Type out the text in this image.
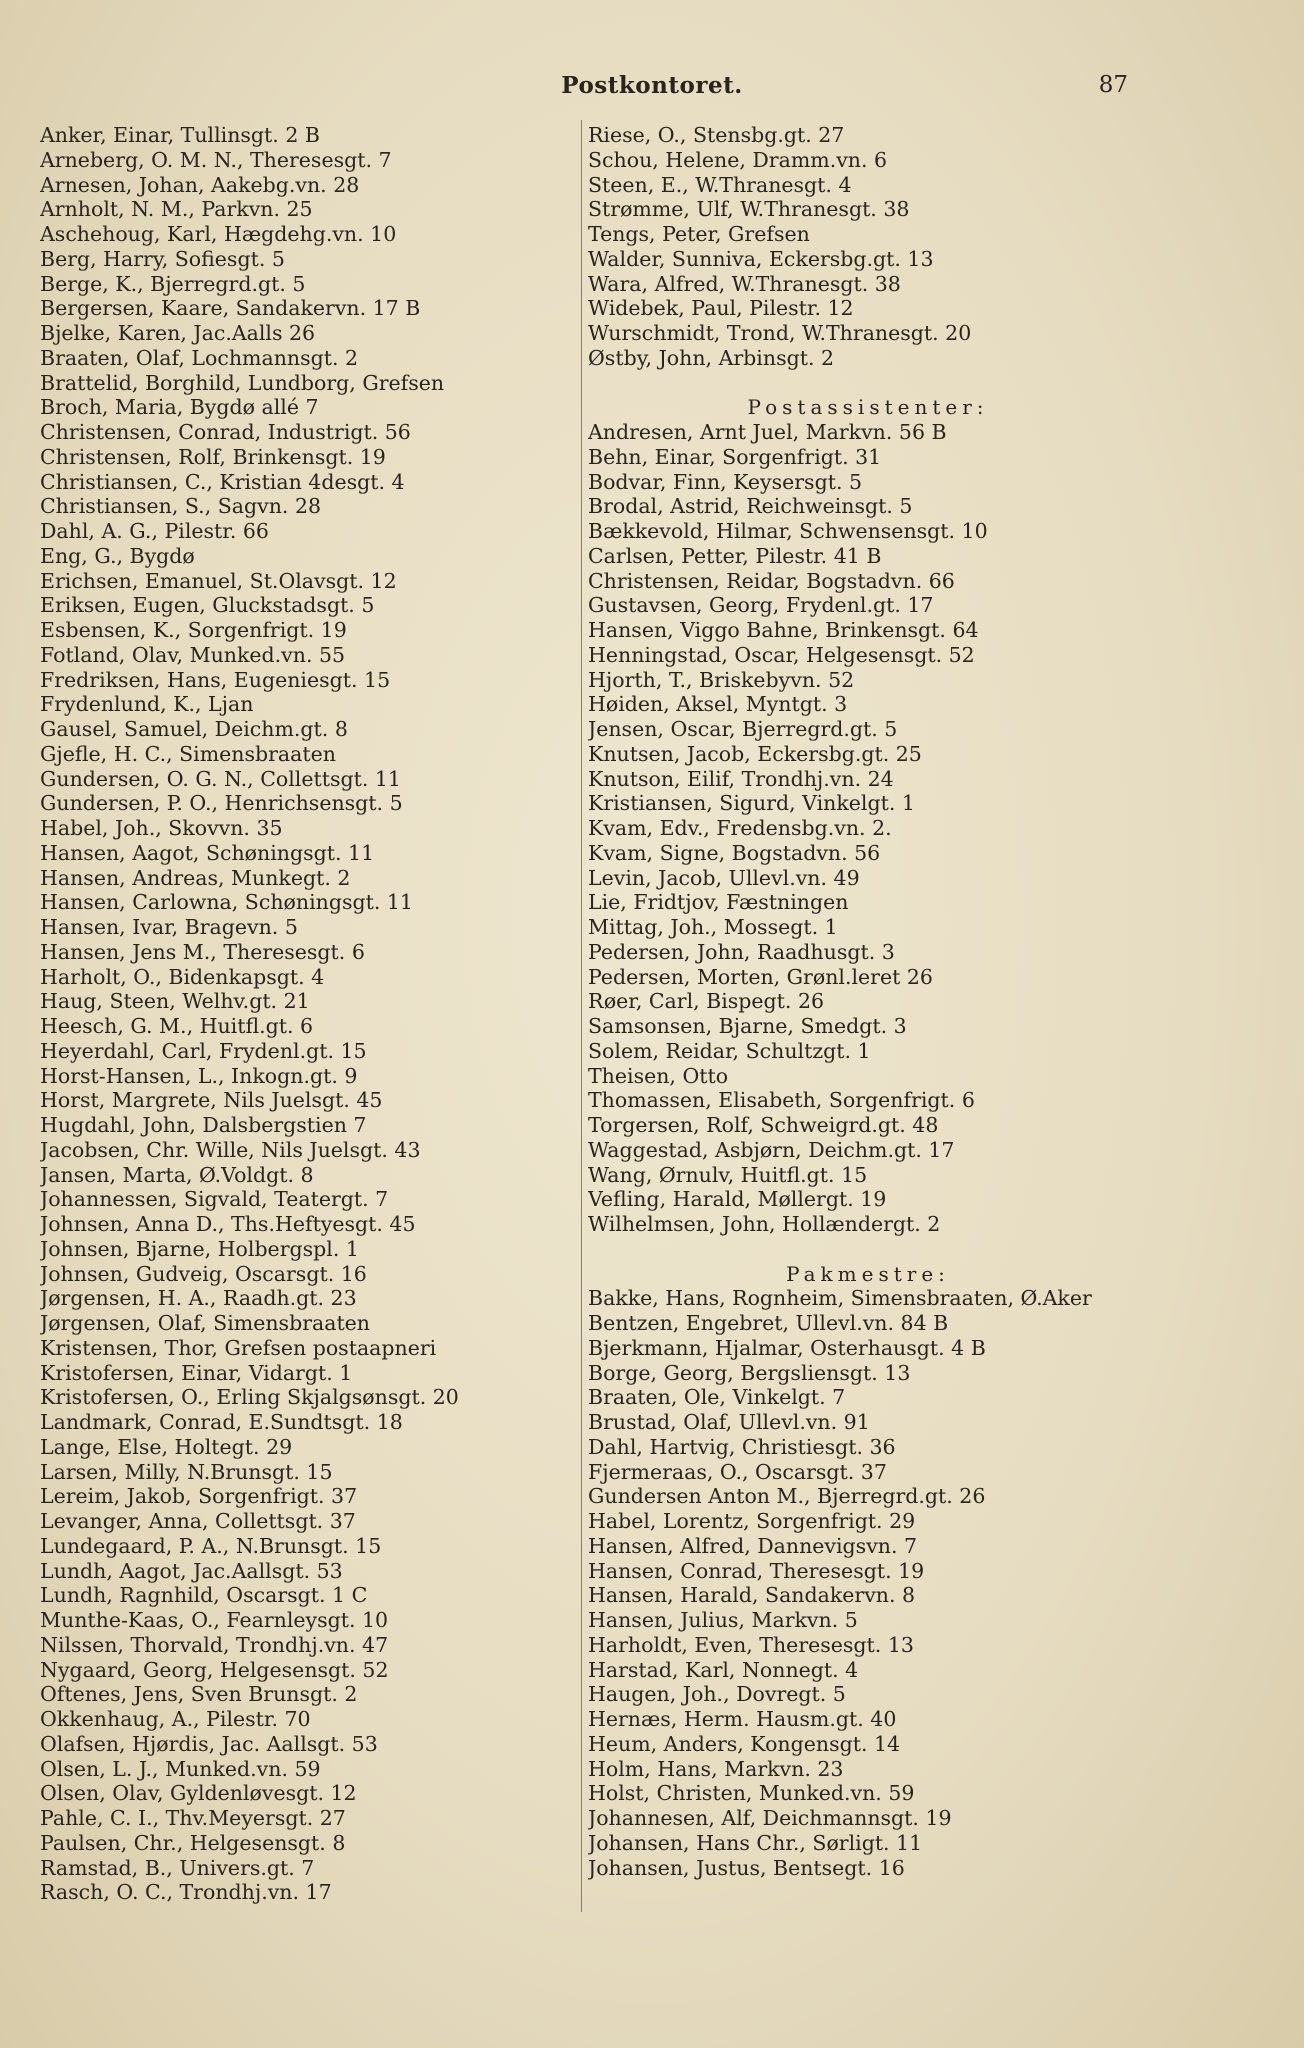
Postkontoret.	87
Anker, Einar, Tullinsgt. 2 B
Arneberg, O. M. N., Theresesgt. 7
Arnesen, Johan, Aakebg.vn. 28
Arnholt, N. M., Parkvn. 25
Aschehoug, Karl, Hægdehg.vn. 10
Berg, Harry, Sofiesgt. 5
Berge, K., Bjerregrd.gt. 5
Bergersen, Kaare, Sandakervn. 17 B
Bjelke, Karen, Jac.Aalls 26
Braaten, Olaf, Lochmannsgt. 2
Brattelid, Borghild, Lundborg, Grefsen
Broch, Maria, Bygdø allé 7
Christensen, Conrad, Industrigt. 56
Christensen, Rolf, Brinkensgt. 19
Christiansen, C., Kristian 4desgt. 4
Christiansen, S., Sagvn. 28
Dahl, A. G., Pilestr. 66
Eng, G., Bygdø
Erichsen, Emanuel, St.Olavsgt. 12
Eriksen, Eugen, Gluckstadsgt. 5
Esbensen, K., Sorgenfrigt. 19
Fotland, Olav, Munked.vn. 55
Fredriksen, Hans, Eugeniesgt. 15
Frydenlund, K., Ljan
Gausel, Samuel, Deichm.gt. 8
Gjefle, H. C., Simensbraaten
Gundersen, O. G. N., Collettsgt. 11
Gundersen, P. O., Henrichsensgt. 5
Habel, Joh., Skovvn. 35
Hansen, Aagot, Schøningsgt. 11
Hansen, Andreas, Munkegt. 2
Hansen, Carlowna, Schøningsgt. 11
Hansen, Ivar, Bragevn. 5
Hansen, Jens M., Theresesgt. 6
Harholt, O., Bidenkapsgt. 4
Haug, Steen, Welhv.gt. 21
Heesch, G. M., Huitfl.gt. 6
Heyerdahl, Carl, Frydenl.gt. 15
Horst-Hansen, L., Inkogn.gt. 9
Horst, Margrete, Nils Juelsgt. 45
Hugdahl, John, Dalsbergstien 7
Jacobsen, Chr. Wille, Nils Juelsgt. 43
Jansen, Marta, Ø.Voldgt. 8
Johannessen, Sigvald, Teatergt. 7
Johnsen, Anna D., Ths.Heftyesgt. 45
Johnsen, Bjarne, Holbergspl. 1
Johnsen, Gudveig, Oscarsgt. 16
Jørgensen, H. A., Raadh.gt. 23
Jørgensen, Olaf, Simensbraaten
Kristensen, Thor, Grefsen postaapneri
Kristofersen, Einar, Vidargt. 1
Kristofersen, O., Erling Skjalgsønsgt. 20
Landmark, Conrad, E.Sundtsgt. 18
Lange, Else, Holtegt. 29
Larsen, Milly, N.Brunsgt. 15
Lereim, Jakob, Sorgenfrigt. 37
Levanger, Anna, Collettsgt. 37
Lundegaard, P. A., N.Brunsgt. 15
Lundh, Aagot, Jac.Aallsgt. 53
Lundh, Ragnhild, Oscarsgt. 1 C
Munthe-Kaas, O., Fearnleysgt. 10
Nilssen, Thorvald, Trondhj.vn. 47
Nygaard, Georg, Helgesensgt. 52
Oftenes, Jens, Sven Brunsgt. 2
Okkenhaug, A., Pilestr. 70
Olafsen, Hjørdis, Jac. Aallsgt. 53
Olsen, L. J., Munked.vn. 59
Olsen, Olav, Gyldenløvesgt. 12
Pahle, C. I., Thv.Meyersgt. 27
Paulsen, Chr., Helgesensgt. 8
Ramstad, B., Univers.gt. 7
Rasch, O. C., Trondhj.vn. 17
Riese, O., Stensbg.gt. 27
Schou, Helene, Dramm.vn. 6
Steen, E., W.Thranesgt. 4
Strømme, Ulf, W.Thranesgt. 38
Tengs, Peter, Grefsen
Walder, Sunniva, Eckersbg.gt. 13
Wara, Alfred, W.Thranesgt. 38
Widebek, Paul, Pilestr. 12
Wurschmidt, Trond, W.Thranesgt. 20
Østby, John, Arbinsgt. 2
Postassistenter:
Andresen, Arnt Juel, Markvn. 56 B
Behn, Einar, Sorgenfrigt. 31
Bodvar, Finn, Keysersgt. 5
Brodal, Astrid, Reichweinsgt. 5
Bækkevold, Hilmar, Schwensensgt. 10
Carlsen, Petter, Pilestr. 41 B
Christensen, Reidar, Bogstadvn. 66
Gustavsen, Georg, Frydenl.gt. 17
Hansen, Viggo Bahne, Brinkensgt. 64
Henningstad, Oscar, Helgesensgt. 52
Hjorth, T., Briskebyvn. 52
Høiden, Aksel, Myntgt. 3
Jensen, Oscar, Bjerregrd.gt. 5
Knutsen, Jacob, Eckersbg.gt. 25
Knutson, Eilif, Trondhj.vn. 24
Kristiansen, Sigurd, Vinkelgt. 1
Kvam, Edv., Fredensbg.vn. 2.
Kvam, Signe, Bogstadvn. 56
Levin, Jacob, Ullevl.vn. 49
Lie, Fridtjov, Fæstningen
Mittag, Joh., Mossegt. 1
Pedersen, John, Raadhusgt. 3
Pedersen, Morten, Grønl.leret 26
Røer, Carl, Bispegt. 26
Samsonsen, Bjarne, Smedgt. 3
Solem, Reidar, Schultzgt. 1
Theisen, Otto
Thomassen, Elisabeth, Sorgenfrigt. 6
Torgersen, Rolf, Schweigrd.gt. 48
Waggestad, Asbjørn, Deichm.gt. 17
Wang, Ørnulv, Huitfl.gt. 15
Vefling, Harald, Møllergt. 19
Wilhelmsen, John, Hollændergt. 2
Pakmestre:
Bakke, Hans, Rognheim, Simensbraaten, Ø.Aker
Bentzen, Engebret, Ullevl.vn. 84 B
Bjerkmann, Hjalmar, Osterhausgt. 4 B
Borge, Georg, Bergsliensgt. 13
Braaten, Ole, Vinkelgt. 7
Brustad, Olaf, Ullevl.vn. 91
Dahl, Hartvig, Christiesgt. 36
Fjermeraas, O., Oscarsgt. 37
Gundersen Anton M., Bjerregrd.gt. 26
Habel, Lorentz, Sorgenfrigt. 29
Hansen, Alfred, Dannevigsvn. 7
Hansen, Conrad, Theresesgt. 19
Hansen, Harald, Sandakervn. 8
Hansen, Julius, Markvn. 5
Harholdt, Even, Theresesgt. 13
Harstad, Karl, Nonnegt. 4
Haugen, Joh., Dovregt. 5
Hernæs, Herm. Hausm.gt. 40
Heum, Anders, Kongensgt. 14
Holm, Hans, Markvn. 23
Holst, Christen, Munked.vn. 59
Johannesen, Alf, Deichmannsgt. 19
Johansen, Hans Chr., Sørligt. 11
Johansen, Justus, Bentsegt. 16
